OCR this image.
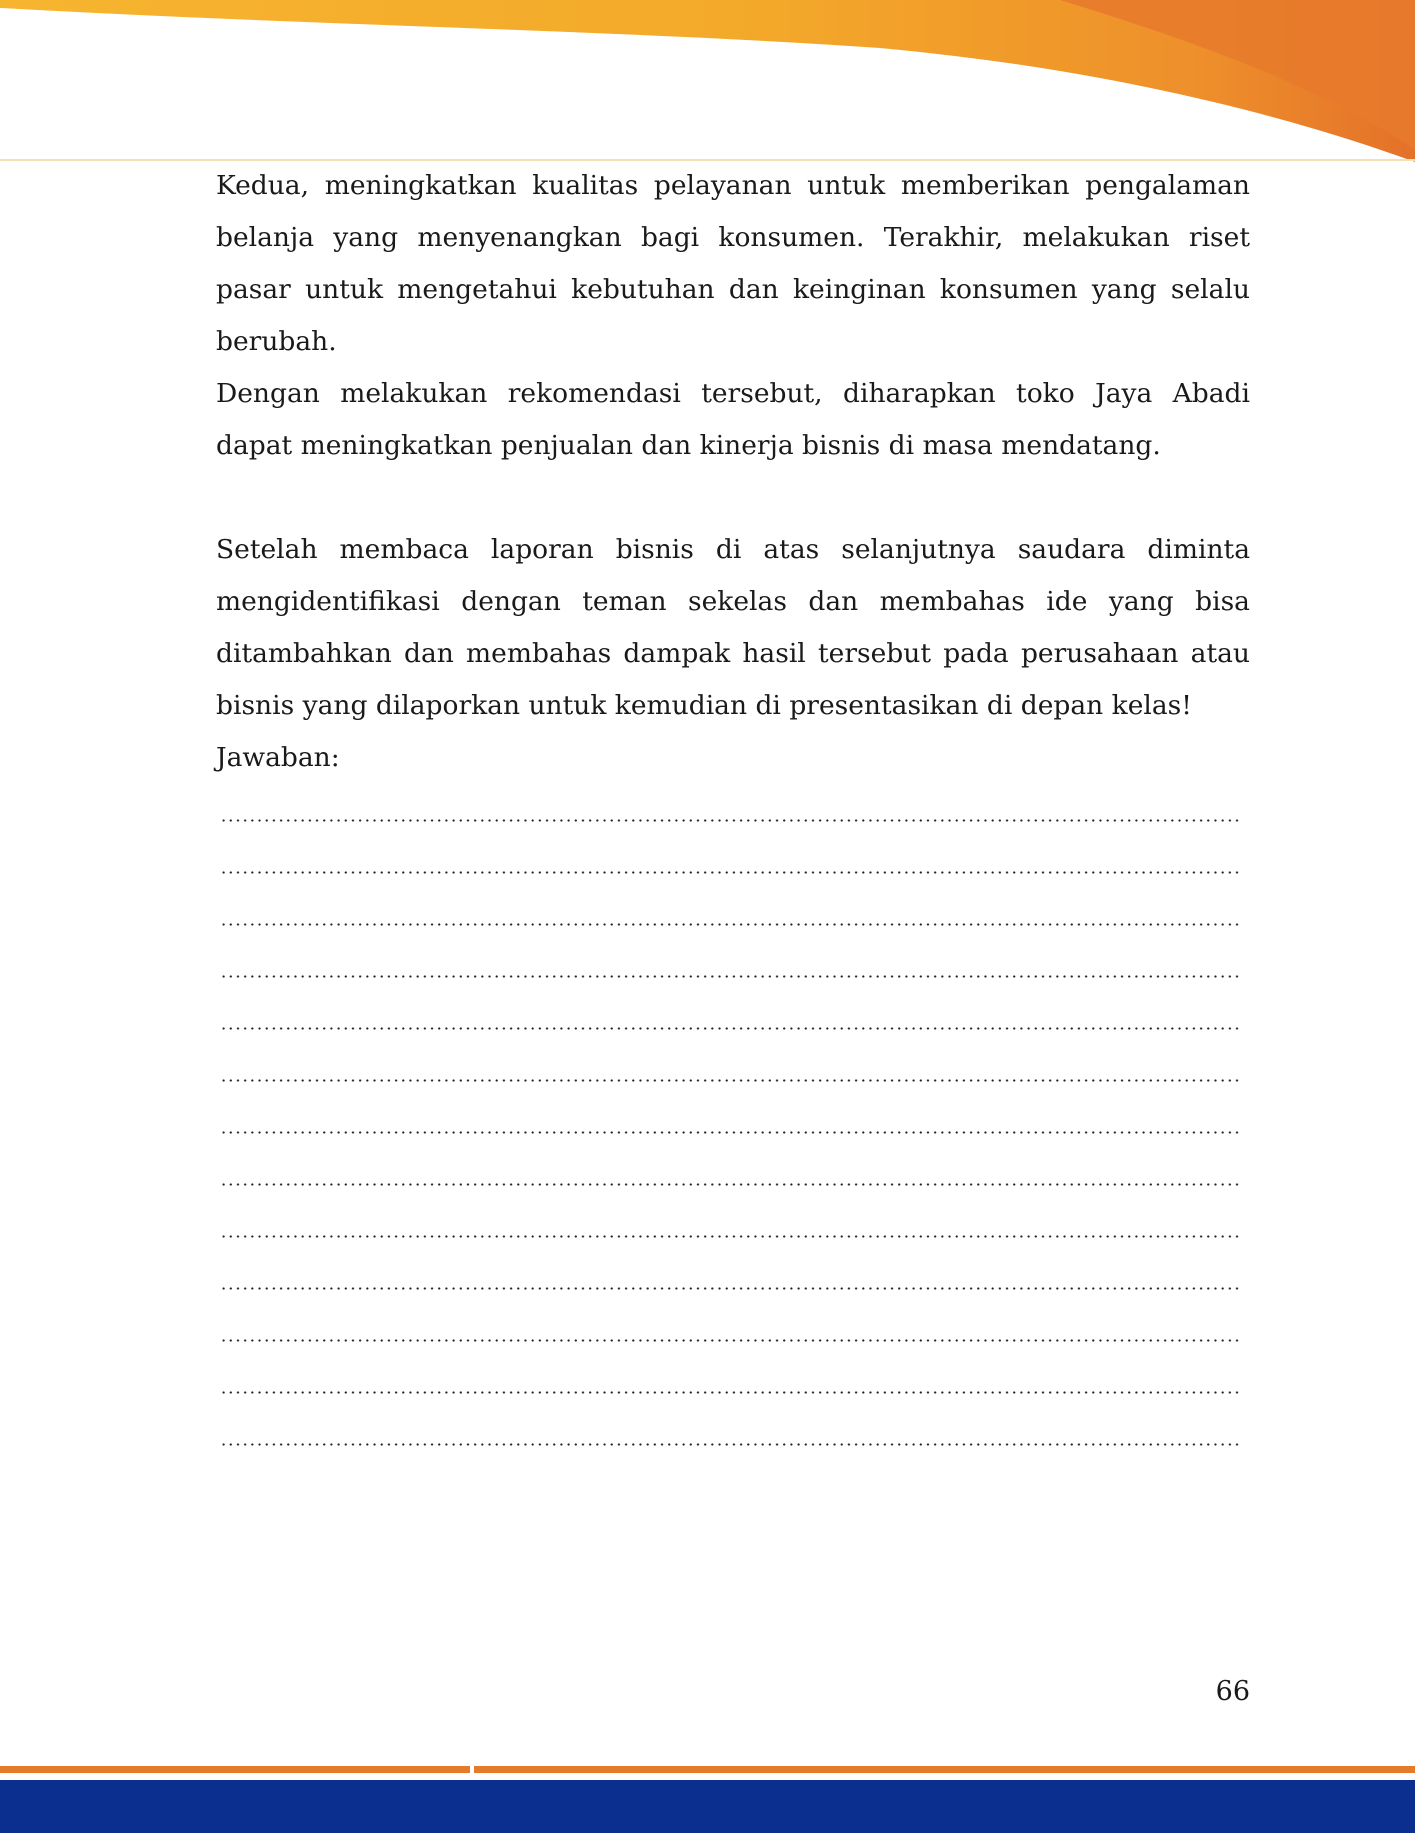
Kedua, meningkatkan kualitas pelayanan untuk memberikan pengalaman belanja yang menyenangkan bagi konsumen. Terakhir, melakukan riset pasar untuk mengetahui kebutuhan dan keinginan konsumen yang selalu berubah.

Dengan melakukan rekomendasi tersebut, diharapkan toko Jaya Abadi dapat meningkatkan penjualan dan kinerja bisnis di masa mendatang.

Setelah membaca laporan bisnis di atas selanjutnya saudara diminta mengidentifikasi dengan teman sekelas dan membahas ide yang bisa ditambahkan dan membahas dampak hasil tersebut pada perusahaan atau bisnis yang dilaporkan untuk kemudian di presentasikan di depan kelas!

Jawaban:

66
